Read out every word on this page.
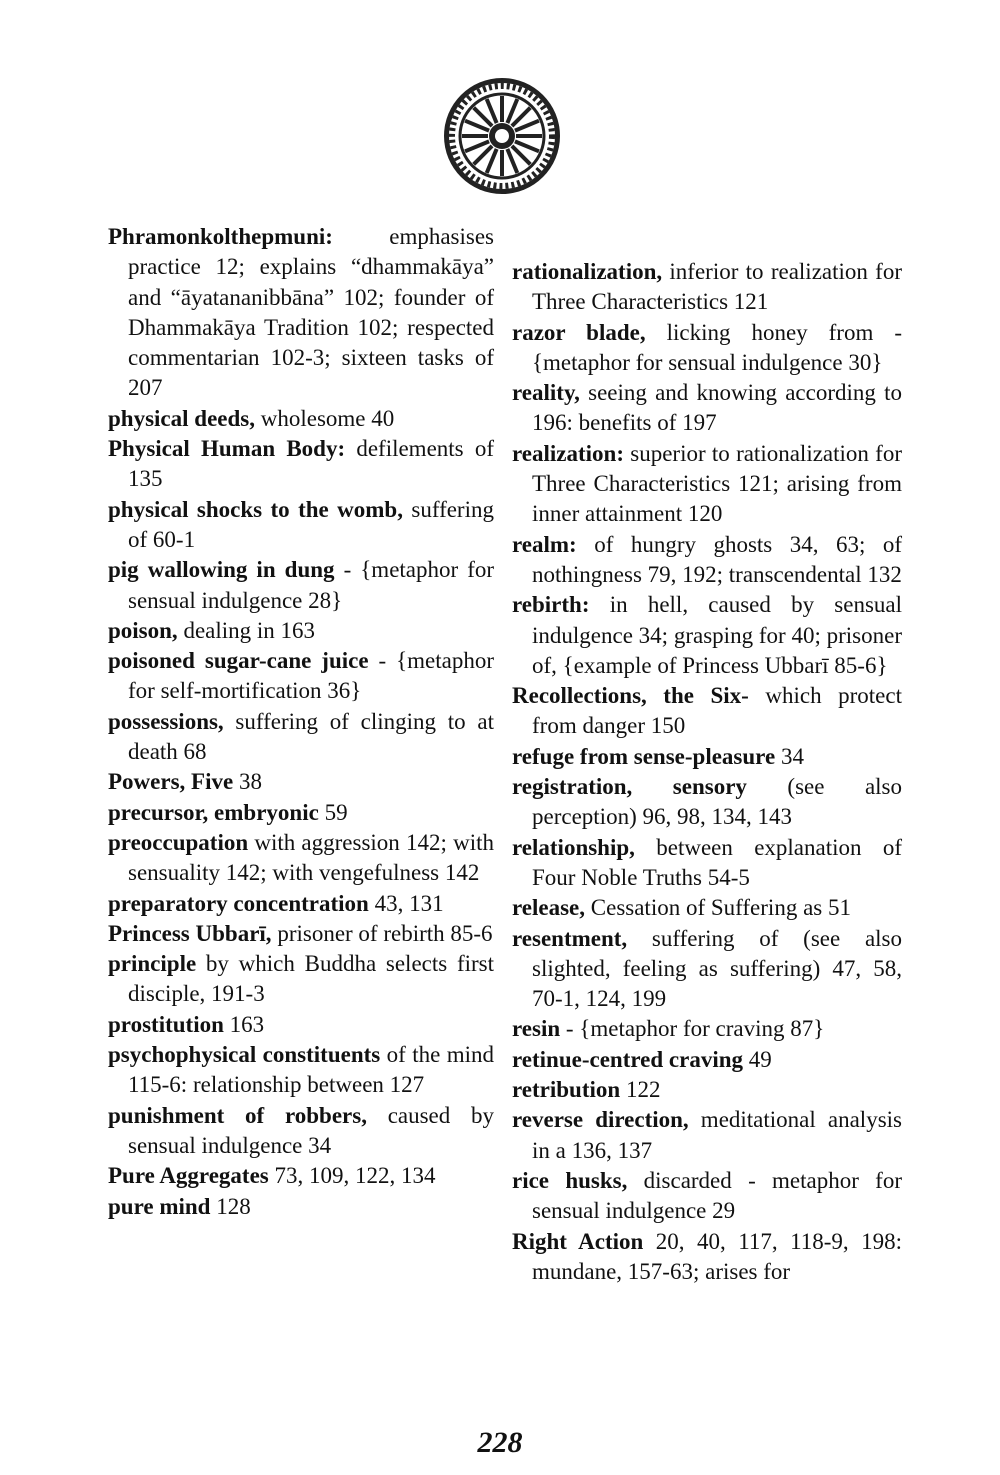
Phramonkolthepmuni: emphasises practice 12; explains “dhammakāya” and “āyatananibbāna” 102; founder of Dhammakāya Tradition 102; respected commentarian 102-3; sixteen tasks of 207

physical deeds, wholesome 40

Physical Human Body: defilements of 135

physical shocks to the womb, suffering of 60-1

pig wallowing in dung - {metaphor for sensual indulgence 28}

poison, dealing in 163

poisoned sugar-cane juice - {metaphor for self-mortification 36}

possessions, suffering of clinging to at death 68

Powers, Five 38

precursor, embryonic 59

preoccupation with aggression 142; with sensuality 142; with vengefulness 142

preparatory concentration 43, 131

Princess Ubbarī, prisoner of rebirth 85-6

principle by which Buddha selects first disciple, 191-3

prostitution 163

psychophysical constituents of the mind 115-6: relationship between 127

punishment of robbers, caused by sensual indulgence 34

Pure Aggregates 73, 109, 122, 134

pure mind 128

rationalization, inferior to realization for Three Characteristics 121

razor blade, licking honey from - {metaphor for sensual indulgence 30}

reality, seeing and knowing according to 196: benefits of 197

realization: superior to rationalization for Three Characteristics 121; arising from inner attainment 120

realm: of hungry ghosts 34, 63; of nothingness 79, 192; transcendental 132

rebirth: in hell, caused by sensual indulgence 34; grasping for 40; prisoner of, {example of Princess Ubbarī 85-6}

Recollections, the Six- which protect from danger 150

refuge from sense-pleasure 34

registration, sensory (see also perception) 96, 98, 134, 143

relationship, between explanation of Four Noble Truths 54-5

release, Cessation of Suffering as 51

resentment, suffering of (see also slighted, feeling as suffering) 47, 58, 70-1, 124, 199

resin - {metaphor for craving 87}

retinue-centred craving 49

retribution 122

reverse direction, meditational analysis in a 136, 137

rice husks, discarded - metaphor for sensual indulgence 29

Right Action 20, 40, 117, 118-9, 198: mundane, 157-63; arises for

228
